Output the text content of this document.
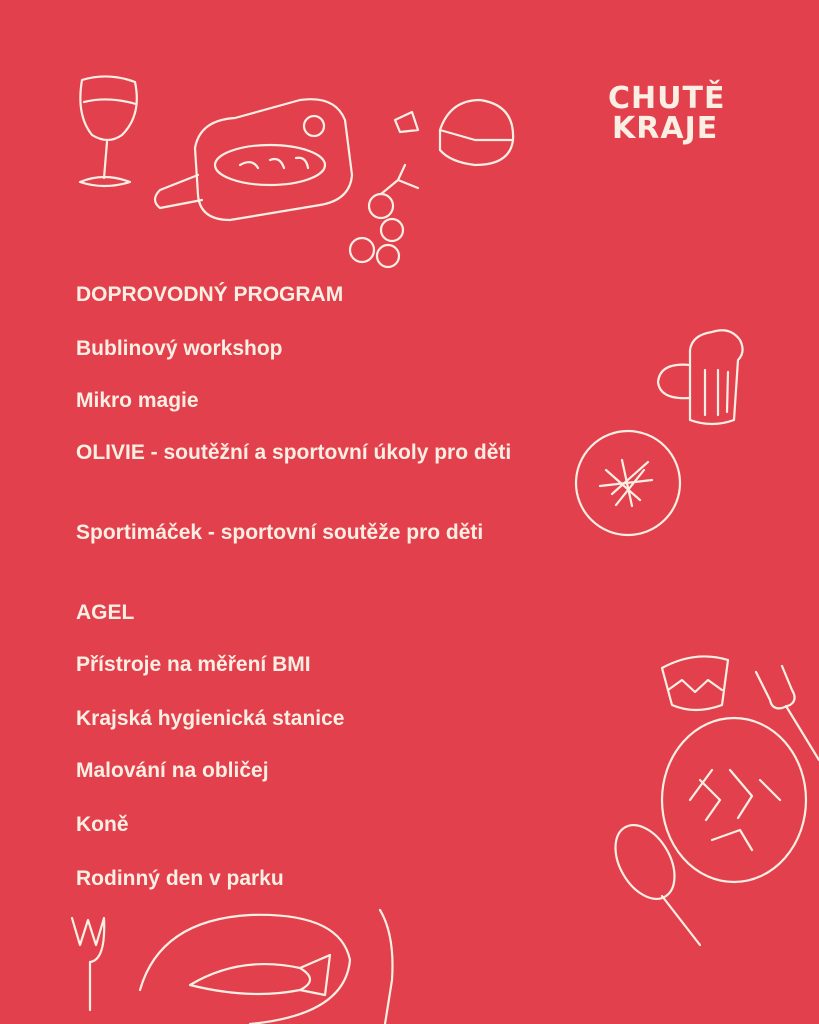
CHUTĚ
KRAJE

DOPROVODNÝ PROGRAM

Bublinový workshop

Mikro magie

OLIVIE - soutěžní a sportovní úkoly pro děti

Sportimáček - sportovní soutěže pro děti

AGEL

Přístroje na měření BMI

Krajská hygienická stanice

Malování na obličej

Koně

Rodinný den v parku
